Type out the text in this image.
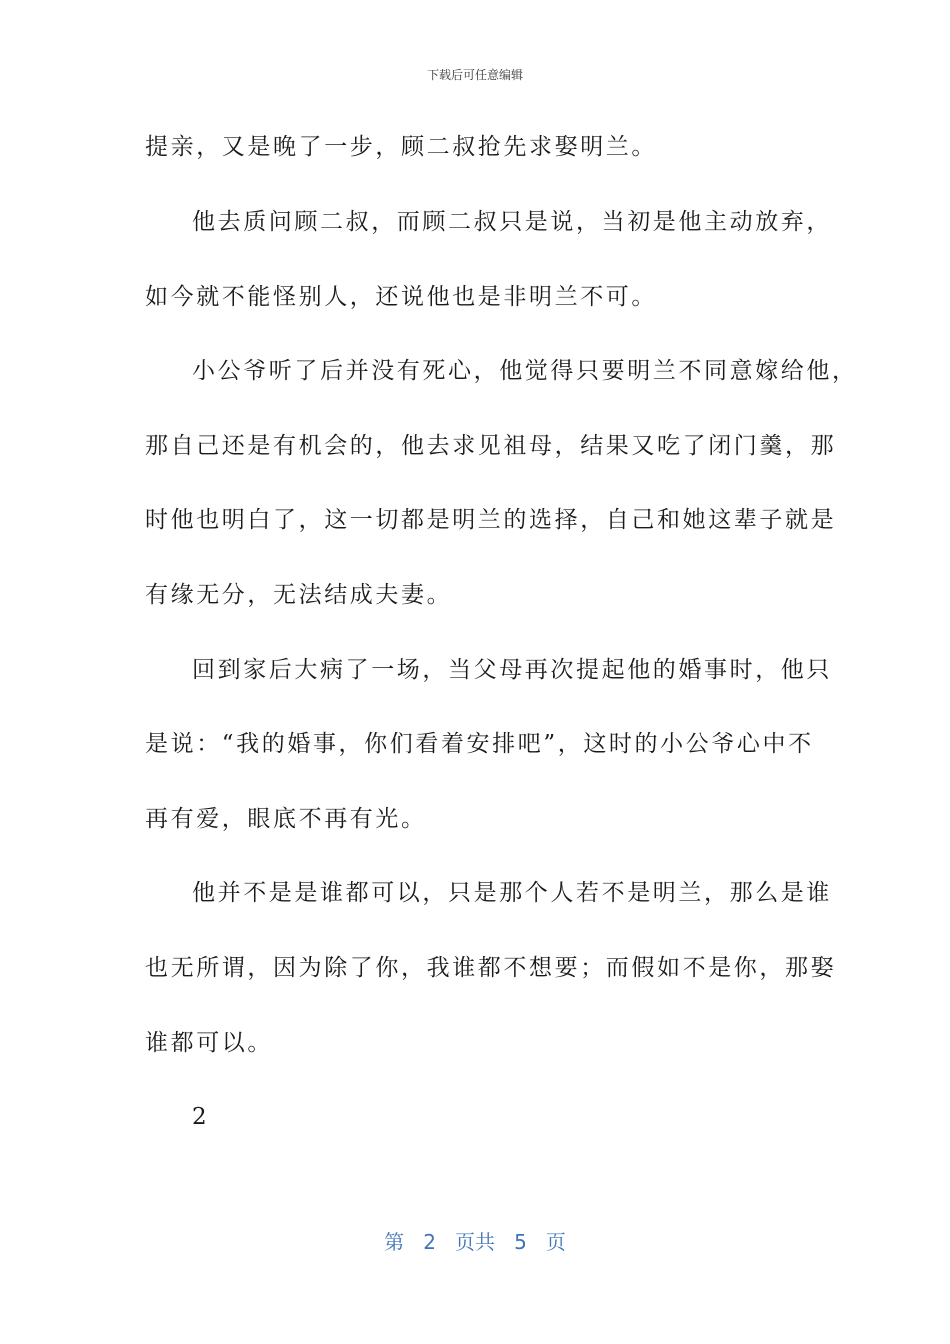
下载后可任意编辑
提亲，又是晚了一步，顾二叔抢先求娶明兰。
他去质问顾二叔，而顾二叔只是说，当初是他主动放弃，
如今就不能怪别人，还说他也是非明兰不可。
小公爷听了后并没有死心，他觉得只要明兰不同意嫁给他，
那自己还是有机会的，他去求见祖母，结果又吃了闭门羹，那
时他也明白了，这一切都是明兰的选择，自己和她这辈子就是
有缘无分，无法结成夫妻。
回到家后大病了一场，当父母再次提起他的婚事时，他只
是说：“我的婚事，你们看着安排吧”，这时的小公爷心中不
再有爱，眼底不再有光。
他并不是是谁都可以，只是那个人若不是明兰，那么是谁
也无所谓，因为除了你，我谁都不想要；而假如不是你，那娶
谁都可以。
2
第 2 页共 5 页
